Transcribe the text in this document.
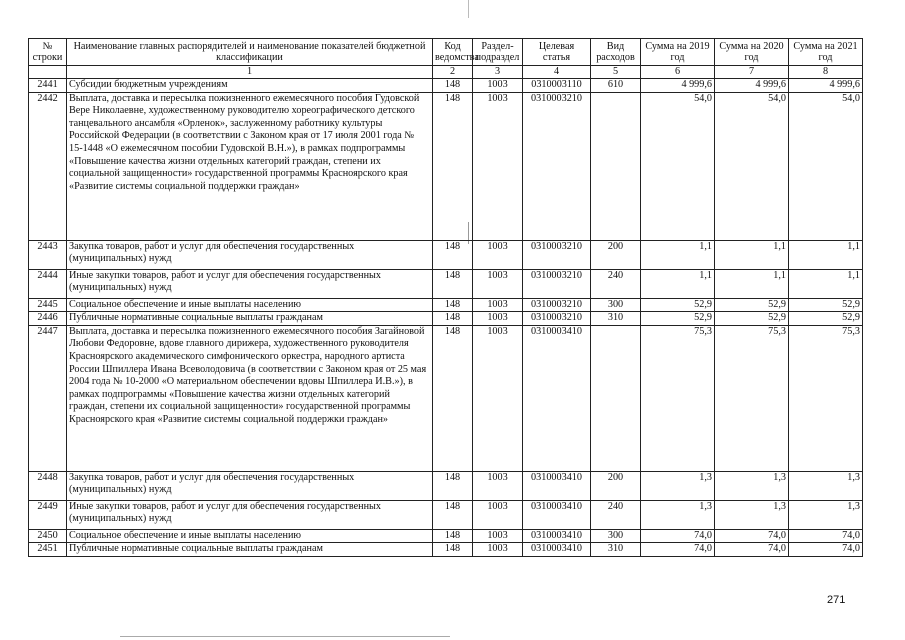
№ строки	Наименование главных распорядителей и наименование показателей бюджетной классификации	Код ведомства	Раздел-подраздел	Целевая статья	Вид расходов	Сумма на 2019 год	Сумма на 2020 год	Сумма на 2021 год
	1	2	3	4	5	6	7	8
2441	Субсидии бюджетным учреждениям	148	1003	0310003110	610	4 999,6	4 999,6	4 999,6
2442	Выплата, доставка и пересылка пожизненного ежемесячного пособия Гудовской Вере Николаевне, художественному руководителю хореографического детского танцевального ансамбля «Орленок», заслуженному работнику культуры Российской Федерации (в соответствии с Законом края от 17 июля 2001 года № 15-1448 «О ежемесячном пособии Гудовской В.Н.»), в рамках подпрограммы «Повышение качества жизни отдельных категорий граждан, степени их социальной защищенности» государственной программы Красноярского края «Развитие системы социальной поддержки граждан»	148	1003	0310003210		54,0	54,0	54,0
2443	Закупка товаров, работ и услуг для обеспечения государственных (муниципальных) нужд	148	1003	0310003210	200	1,1	1,1	1,1
2444	Иные закупки товаров, работ и услуг для обеспечения государственных (муниципальных) нужд	148	1003	0310003210	240	1,1	1,1	1,1
2445	Социальное обеспечение и иные выплаты населению	148	1003	0310003210	300	52,9	52,9	52,9
2446	Публичные нормативные социальные выплаты гражданам	148	1003	0310003210	310	52,9	52,9	52,9
2447	Выплата, доставка и пересылка пожизненного ежемесячного пособия Загайновой Любови Федоровне, вдове главного дирижера, художественного руководителя Красноярского академического симфонического оркестра, народного артиста России Шпиллера Ивана Всеволодовича (в соответствии с Законом края от 25 мая 2004 года № 10-2000 «О материальном обеспечении вдовы Шпиллера И.В.»), в рамках подпрограммы «Повышение качества жизни отдельных категорий граждан, степени их социальной защищенности» государственной программы Красноярского края «Развитие системы социальной поддержки граждан»	148	1003	0310003410		75,3	75,3	75,3
2448	Закупка товаров, работ и услуг для обеспечения государственных (муниципальных) нужд	148	1003	0310003410	200	1,3	1,3	1,3
2449	Иные закупки товаров, работ и услуг для обеспечения государственных (муниципальных) нужд	148	1003	0310003410	240	1,3	1,3	1,3
2450	Социальное обеспечение и иные выплаты населению	148	1003	0310003410	300	74,0	74,0	74,0
2451	Публичные нормативные социальные выплаты гражданам	148	1003	0310003410	310	74,0	74,0	74,0
271
